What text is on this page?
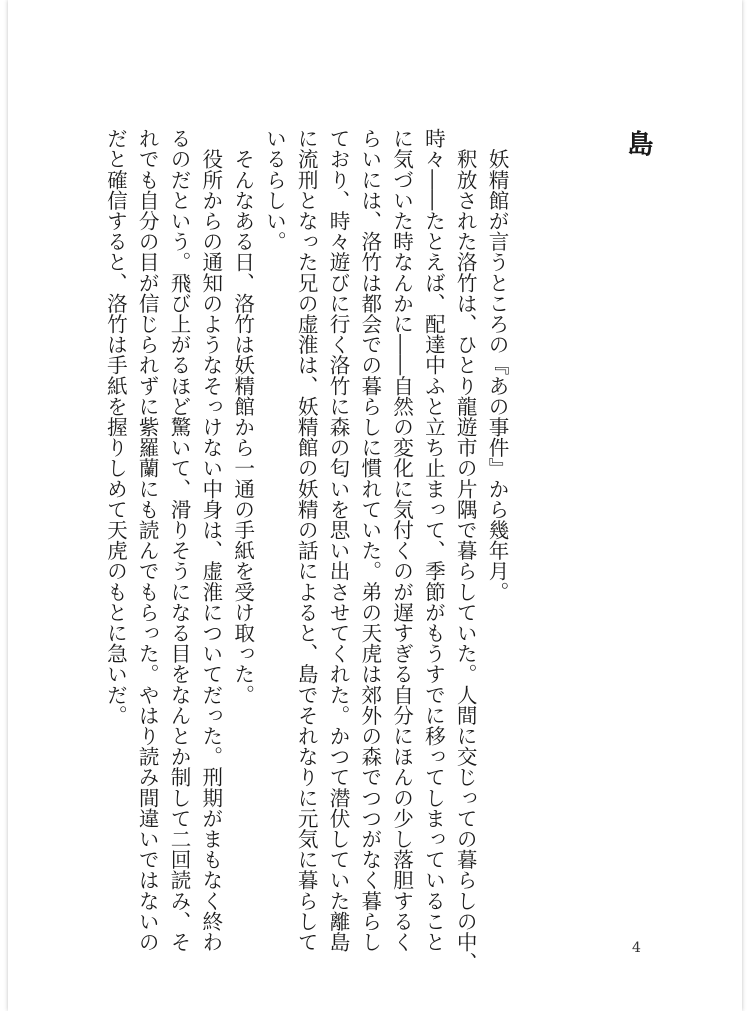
島

　妖精館が言うところの『あの事件』から幾年月。

　釈放された洛竹は、ひとり龍遊市の片隅で暮らしていた。人間に交じっての暮らしの中、

時々――たとえば、配達中ふと立ち止まって、季節がもうすでに移ってしまっていること

に気づいた時なんかに――自然の変化に気付くのが遅すぎる自分にほんの少し落胆するく

らいには、洛竹は都会での暮らしに慣れていた。弟の天虎は郊外の森でつつがなく暮らし

ており、時々遊びに行く洛竹に森の匂いを思い出させてくれた。かつて潜伏していた離島

に流刑となった兄の虚淮は、妖精館の妖精の話によると、島でそれなりに元気に暮らして

いるらしい。

　そんなある日、洛竹は妖精館から一通の手紙を受け取った。

　役所からの通知のようなそっけない中身は、虚淮についてだった。刑期がまもなく終わ

るのだという。飛び上がるほど驚いて、滑りそうになる目をなんとか制して二回読み、そ

れでも自分の目が信じられずに紫羅蘭にも読んでもらった。やはり読み間違いではないの

だと確信すると、洛竹は手紙を握りしめて天虎のもとに急いだ。

4
